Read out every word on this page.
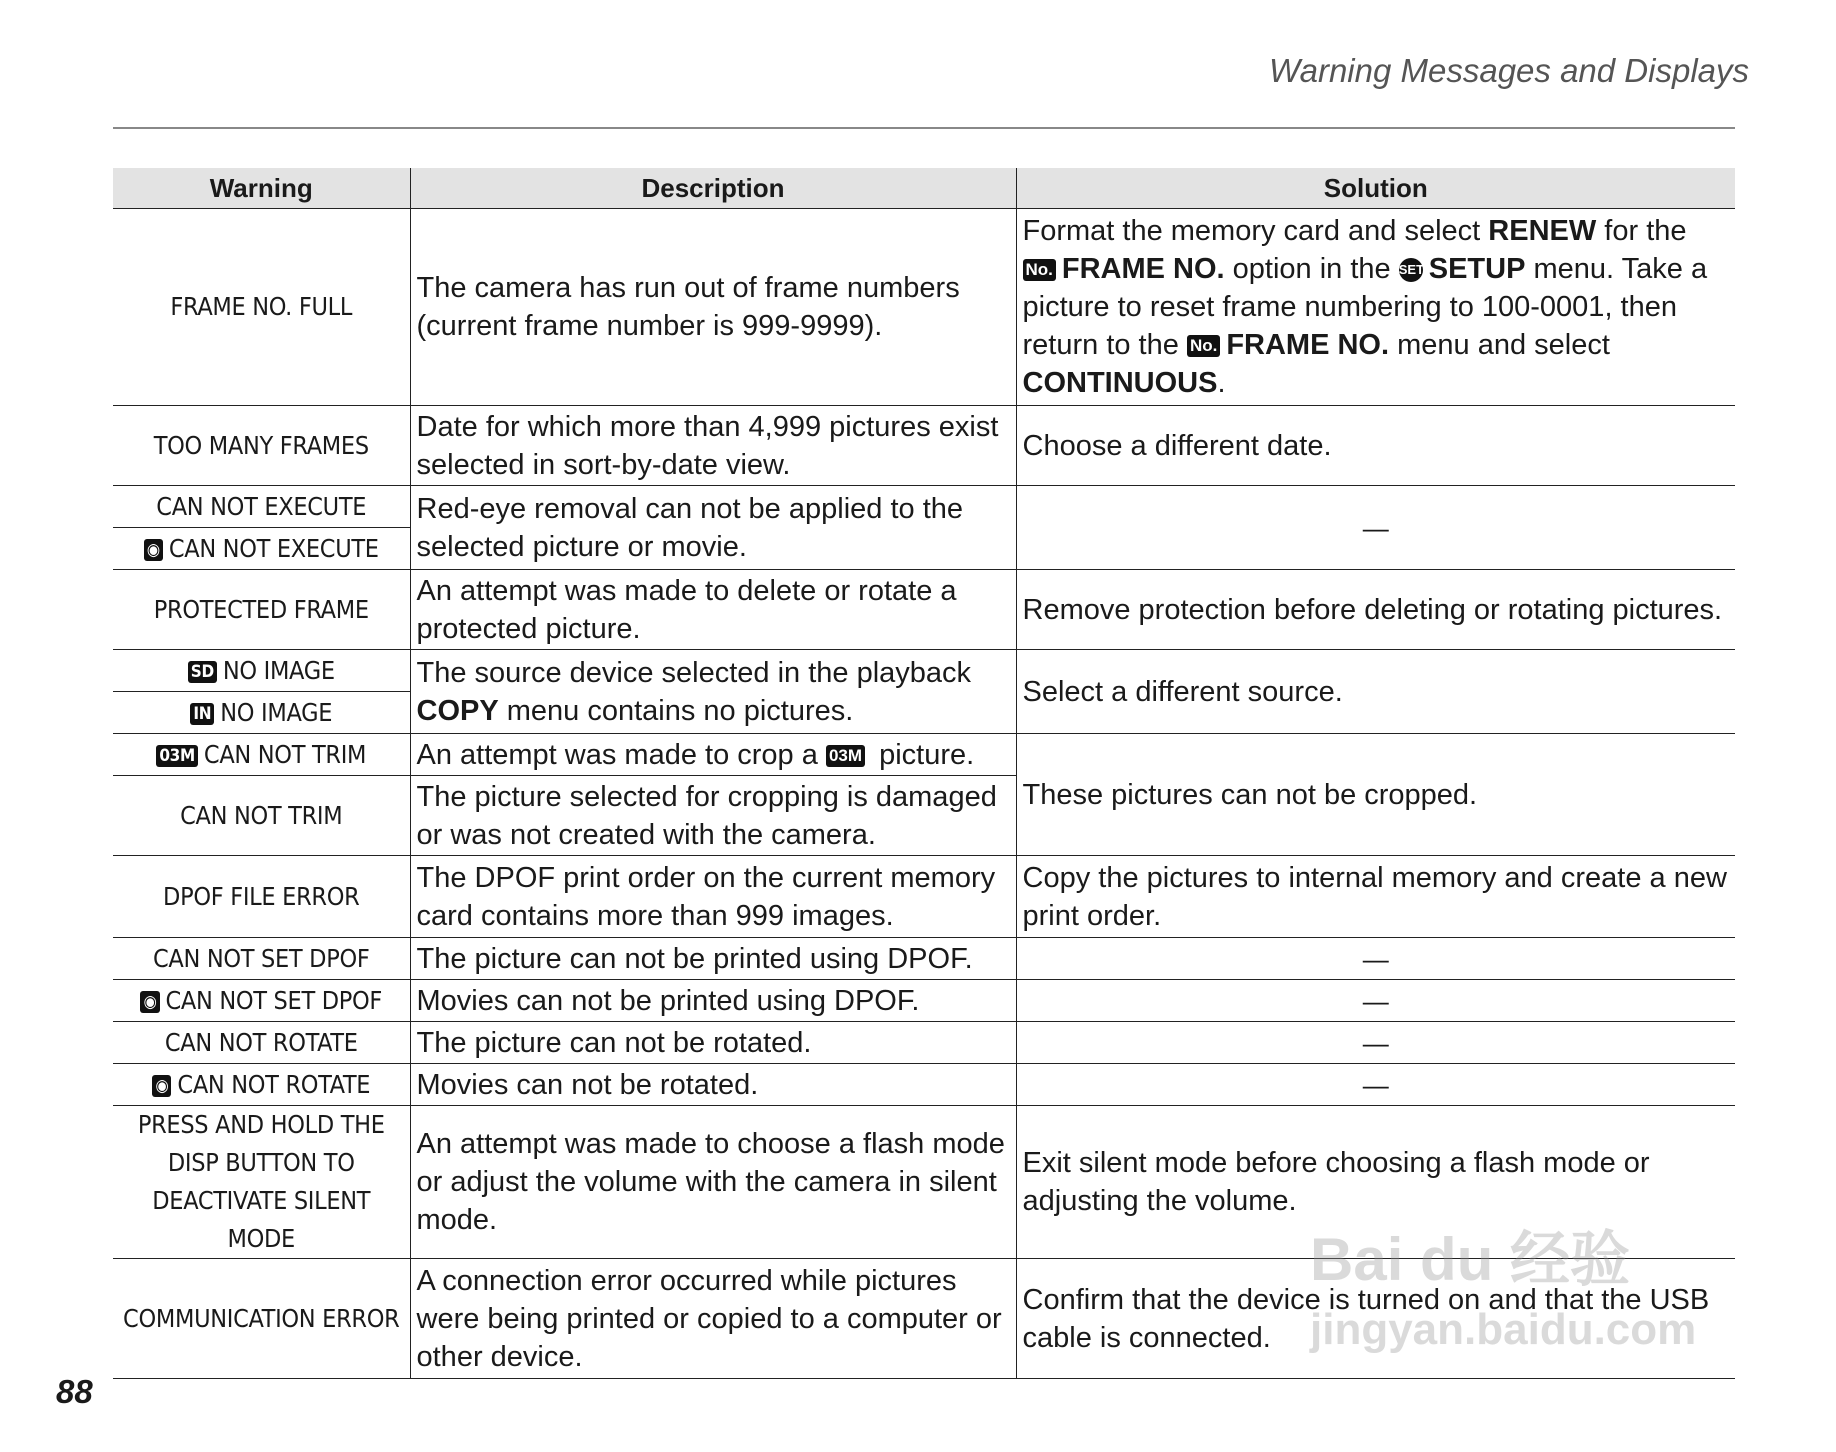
Warning Messages and Displays
Warning	Description	Solution
FRAME NO. FULL	The camera has run out of frame numbers (current frame number is 999-9999).	Format the memory card and select RENEW for the No. FRAME NO. option in the SET SETUP menu. Take a picture to reset frame numbering to 100-0001, then return to the No. FRAME NO. menu and select CONTINUOUS.
TOO MANY FRAMES	Date for which more than 4,999 pictures exist selected in sort-by-date view.	Choose a different date.
CAN NOT EXECUTE	Red-eye removal can not be applied to the selected picture or movie.	—
◉ CAN NOT EXECUTE		
PROTECTED FRAME	An attempt was made to delete or rotate a protected picture.	Remove protection before deleting or rotating pictures.
SD NO IMAGE	The source device selected in the playback COPY menu contains no pictures.	Select a different source.
IN NO IMAGE		
03M CAN NOT TRIM	An attempt was made to crop a 03M picture.	These pictures can not be cropped.
CAN NOT TRIM	The picture selected for cropping is damaged or was not created with the camera.	
DPOF FILE ERROR	The DPOF print order on the current memory card contains more than 999 images.	Copy the pictures to internal memory and create a new print order.
CAN NOT SET DPOF	The picture can not be printed using DPOF.	—
◉ CAN NOT SET DPOF	Movies can not be printed using DPOF.	—
CAN NOT ROTATE	The picture can not be rotated.	—
◉ CAN NOT ROTATE	Movies can not be rotated.	—
PRESS AND HOLD THE DISP BUTTON TO DEACTIVATE SILENT MODE	An attempt was made to choose a flash mode or adjust the volume with the camera in silent mode.	Exit silent mode before choosing a flash mode or adjusting the volume.
COMMUNICATION ERROR	A connection error occurred while pictures were being printed or copied to a computer or other device.	Confirm that the device is turned on and that the USB cable is connected.
Bai du 经验
jingyan.baidu.com
88
